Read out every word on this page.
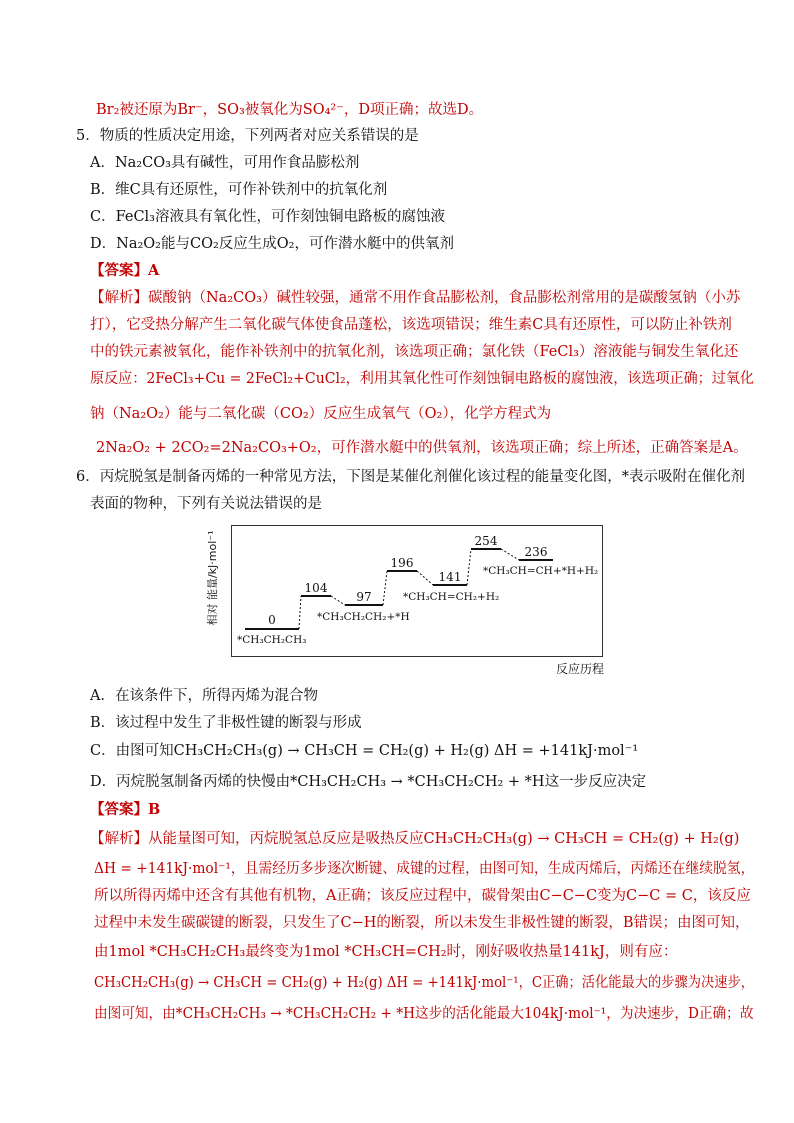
Br₂被还原为Br⁻，SO₃被氧化为SO₄²⁻，D项正确；故选D。
5．物质的性质决定用途，下列两者对应关系错误的是
A．Na₂CO₃具有碱性，可用作食品膨松剂
B．维C具有还原性，可作补铁剂中的抗氧化剂
C．FeCl₃溶液具有氧化性，可作刻蚀铜电路板的腐蚀液
D．Na₂O₂能与CO₂反应生成O₂，可作潜水艇中的供氧剂
【答案】A
【解析】碳酸钠（Na₂CO₃）碱性较强，通常不用作食品膨松剂，食品膨松剂常用的是碳酸氢钠（小苏
打），它受热分解产生二氧化碳气体使食品蓬松，该选项错误；维生素C具有还原性，可以防止补铁剂
中的铁元素被氧化，能作补铁剂中的抗氧化剂，该选项正确；氯化铁（FeCl₃）溶液能与铜发生氧化还
原反应：2FeCl₃+Cu = 2FeCl₂+CuCl₂，利用其氧化性可作刻蚀铜电路板的腐蚀液，该选项正确；过氧化
钠（Na₂O₂）能与二氧化碳（CO₂）反应生成氧气（O₂），化学方程式为
2Na₂O₂ + 2CO₂=2Na₂CO₃+O₂，可作潜水艇中的供氧剂，该选项正确；综上所述，正确答案是A。
6．丙烷脱氢是制备丙烯的一种常见方法，下图是某催化剂催化该过程的能量变化图，*表示吸附在催化剂
表面的物种，下列有关说法错误的是
0
*CH₃CH₂CH₃
104
97
*CH₃CH₂CH₂+*H
196
141
*CH₃CH=CH₂+H₂
254
236
*CH₃CH=CH+*H+H₂
相对 能量/kJ·mol⁻¹
反应历程
A．在该条件下，所得丙烯为混合物
B．该过程中发生了非极性键的断裂与形成
C．由图可知CH₃CH₂CH₃(g) → CH₃CH = CH₂(g) + H₂(g) ΔH = +141kJ·mol⁻¹
D．丙烷脱氢制备丙烯的快慢由*CH₃CH₂CH₃ → *CH₃CH₂CH₂ + *H这一步反应决定
【答案】B
【解析】从能量图可知，丙烷脱氢总反应是吸热反应CH₃CH₂CH₃(g) → CH₃CH = CH₂(g) + H₂(g)
ΔH = +141kJ·mol⁻¹，且需经历多步逐次断键、成键的过程，由图可知，生成丙烯后，丙烯还在继续脱氢，
所以所得丙烯中还含有其他有机物，A正确；该反应过程中，碳骨架由C−C−C变为C−C = C，该反应
过程中未发生碳碳键的断裂，只发生了C−H的断裂，所以未发生非极性键的断裂，B错误；由图可知，
由1mol *CH₃CH₂CH₃最终变为1mol *CH₃CH=CH₂时，刚好吸收热量141kJ，则有应：
CH₃CH₂CH₃(g) → CH₃CH = CH₂(g) + H₂(g) ΔH = +141kJ·mol⁻¹，C正确；活化能最大的步骤为决速步，
由图可知，由*CH₃CH₂CH₃ → *CH₃CH₂CH₂ + *H这步的活化能最大104kJ·mol⁻¹，为决速步，D正确；故
